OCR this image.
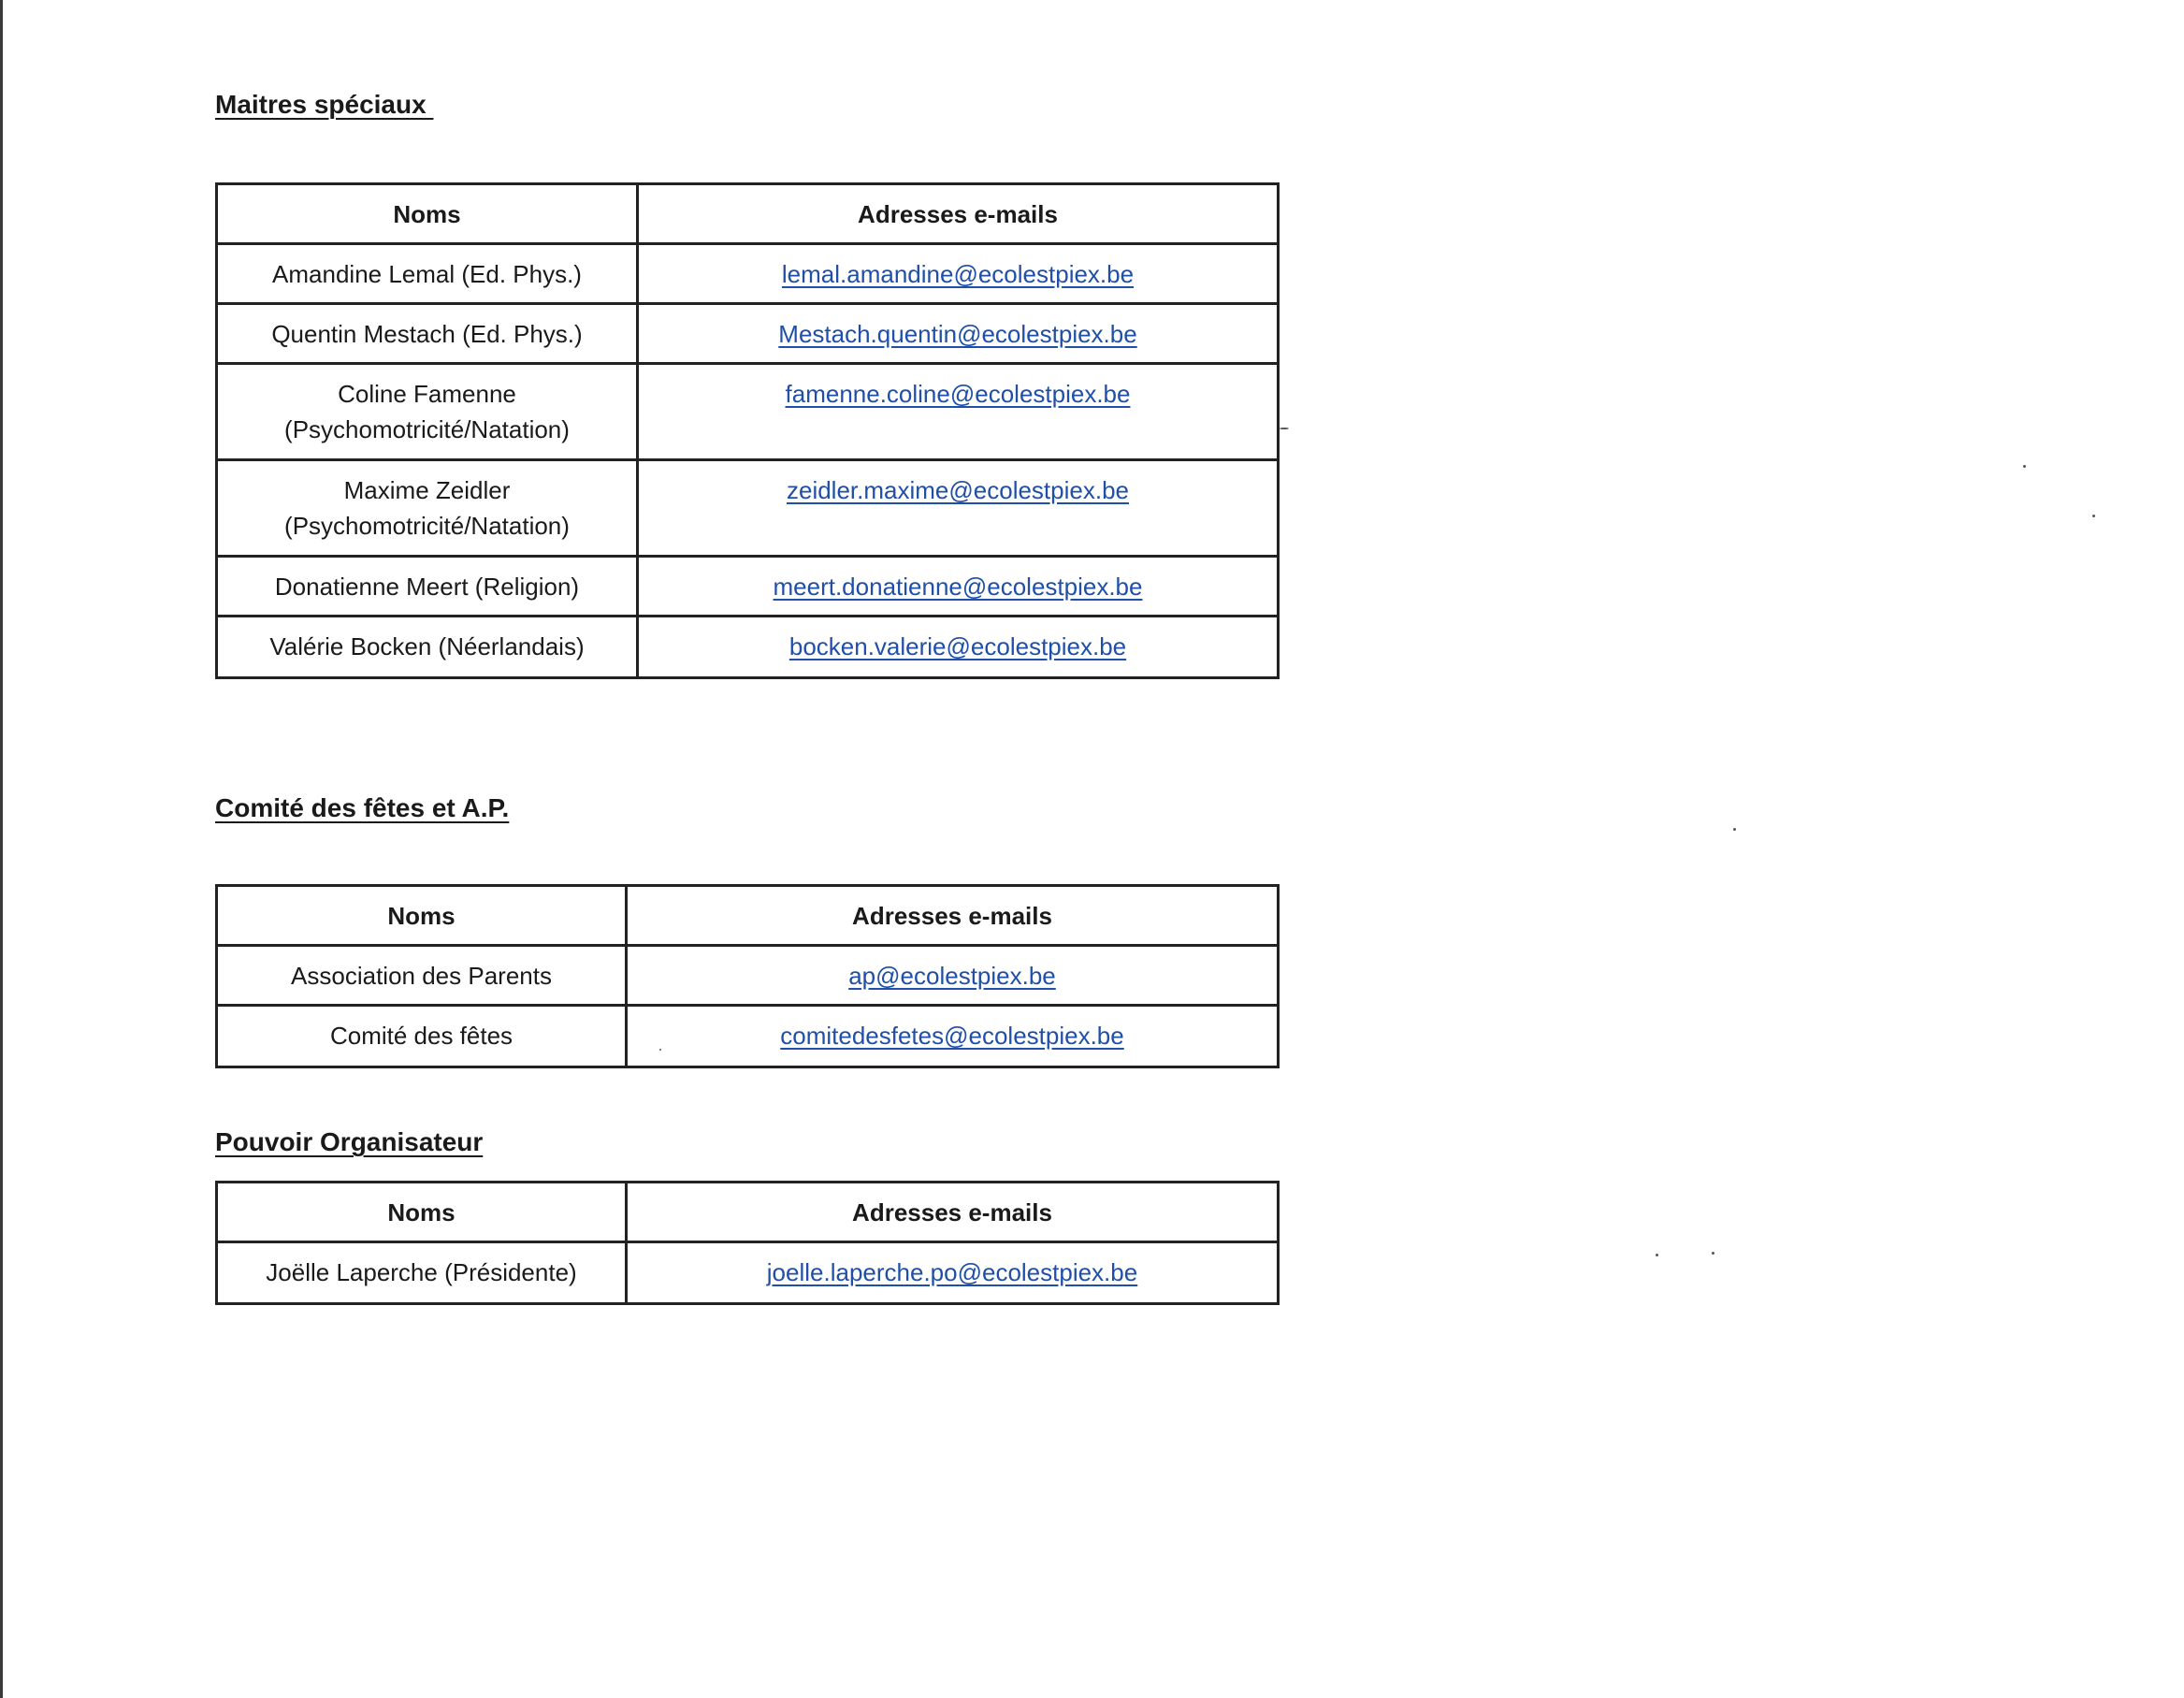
Maitres spéciaux
Noms	Adresses e-mails
Amandine Lemal (Ed. Phys.)	lemal.amandine@ecolestpiex.be
Quentin Mestach (Ed. Phys.)	Mestach.quentin@ecolestpiex.be
Coline Famenne
(Psychomotricité/Natation)	famenne.coline@ecolestpiex.be
Maxime Zeidler
(Psychomotricité/Natation)	zeidler.maxime@ecolestpiex.be
Donatienne Meert (Religion)	meert.donatienne@ecolestpiex.be
Valérie Bocken (Néerlandais)	bocken.valerie@ecolestpiex.be
Comité des fêtes et A.P.
Noms	Adresses e-mails
Association des Parents	ap@ecolestpiex.be
Comité des fêtes	comitedesfetes@ecolestpiex.be
Pouvoir Organisateur
Noms	Adresses e-mails
Joëlle Laperche (Présidente)	joelle.laperche.po@ecolestpiex.be
